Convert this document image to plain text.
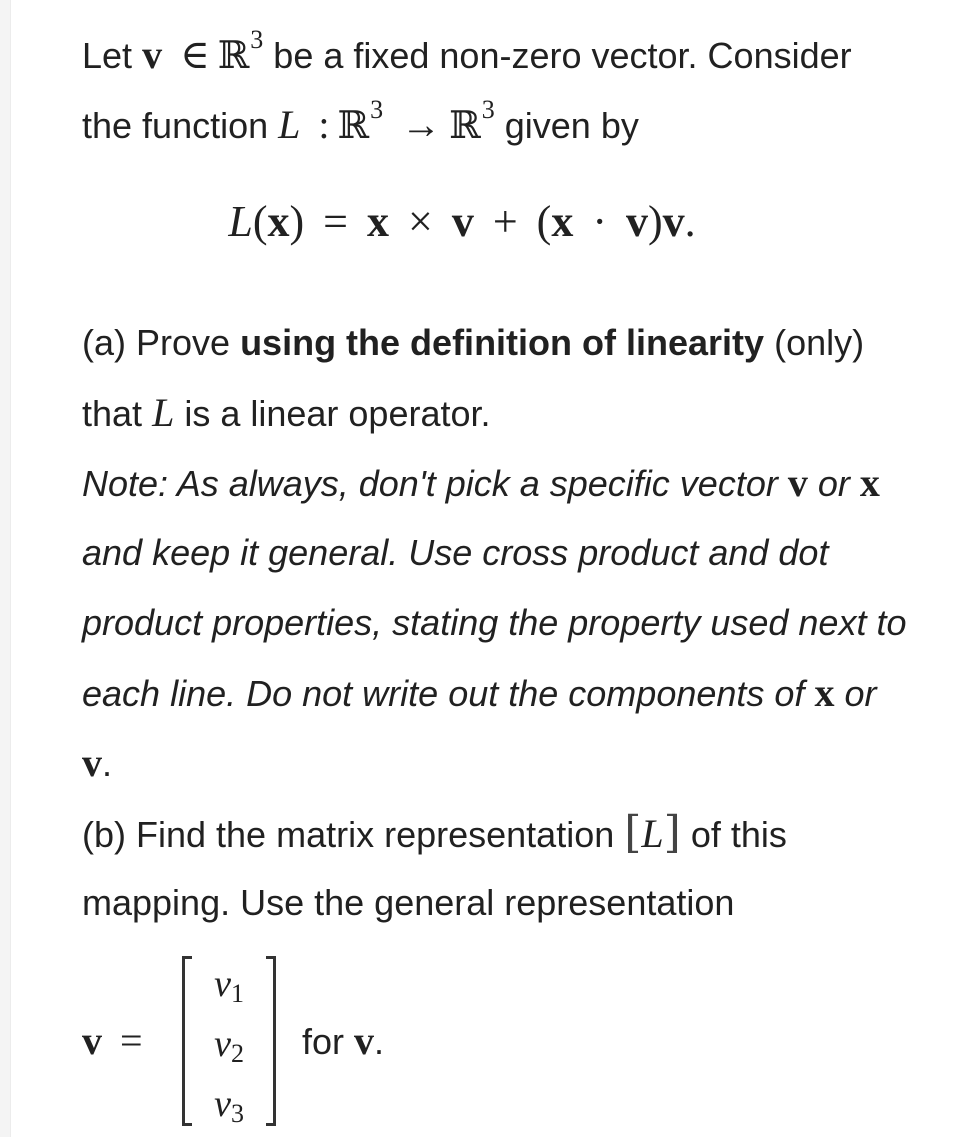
Let v ∈ ℝ$^3$ be a fixed non-zero vector. Consider
the function L : ℝ$^3$ → ℝ$^3$ given by
L(x) = x × v + (x · v)v.
(a) Prove using the definition of linearity (only)
that L is a linear operator.
Note: As always, don't pick a specific vector v or x
and keep it general. Use cross product and dot
product properties, stating the property used next to
each line. Do not write out the components of x or
v.
(b) Find the matrix representation [L] of this
mapping. Use the general representation
v =
$v_1$
$v_2$
$v_3$
for v.
